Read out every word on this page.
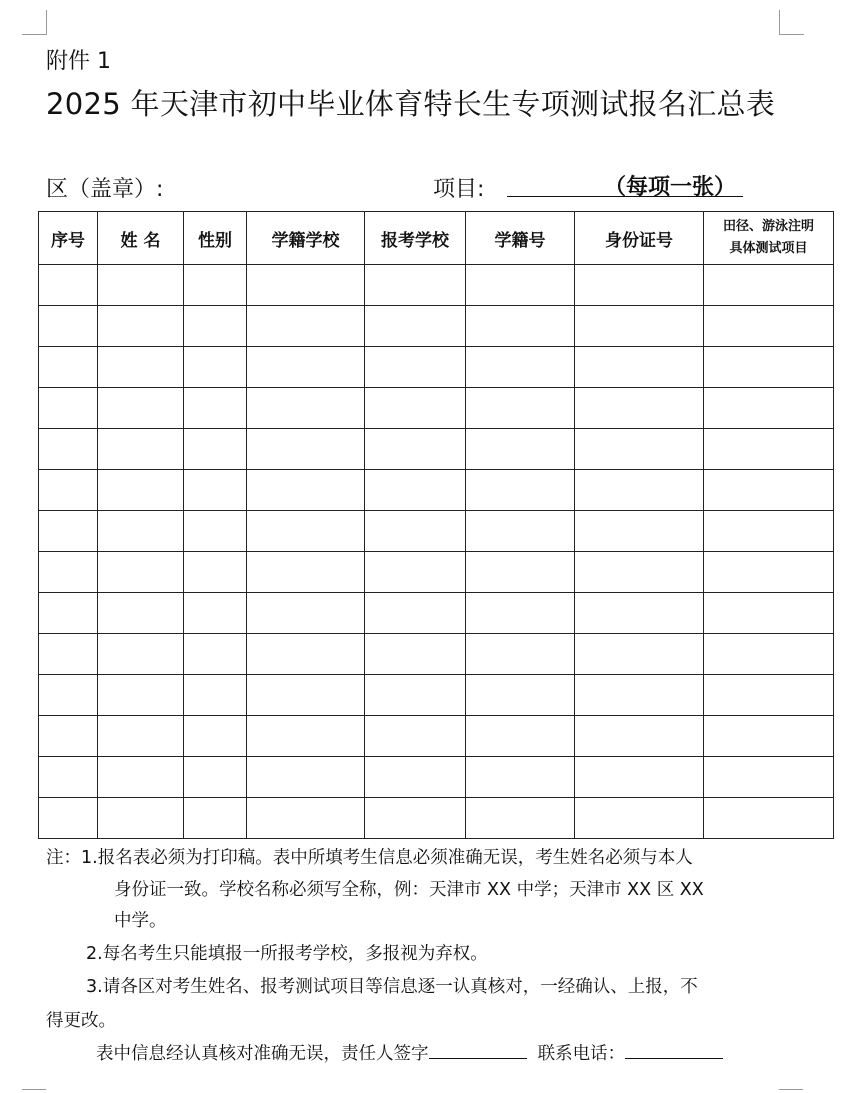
附件 1
2025 年天津市初中毕业体育特长生专项测试报名汇总表
区（盖章）:	项目:	（每项一张）
序号	姓 名	性别	学籍学校	报考学校	学籍号	身份证号	田径、游泳注明
具体测试项目

注：1.报名表必须为打印稿。表中所填考生信息必须准确无误，考生姓名必须与本人
身份证一致。学校名称必须写全称，例：天津市 XX 中学；天津市 XX 区 XX
中学。
2.每名考生只能填报一所报考学校，多报视为弃权。
3.请各区对考生姓名、报考测试项目等信息逐一认真核对，一经确认、上报，不
得更改。
表中信息经认真核对准确无误，责任人签字	联系电话：
